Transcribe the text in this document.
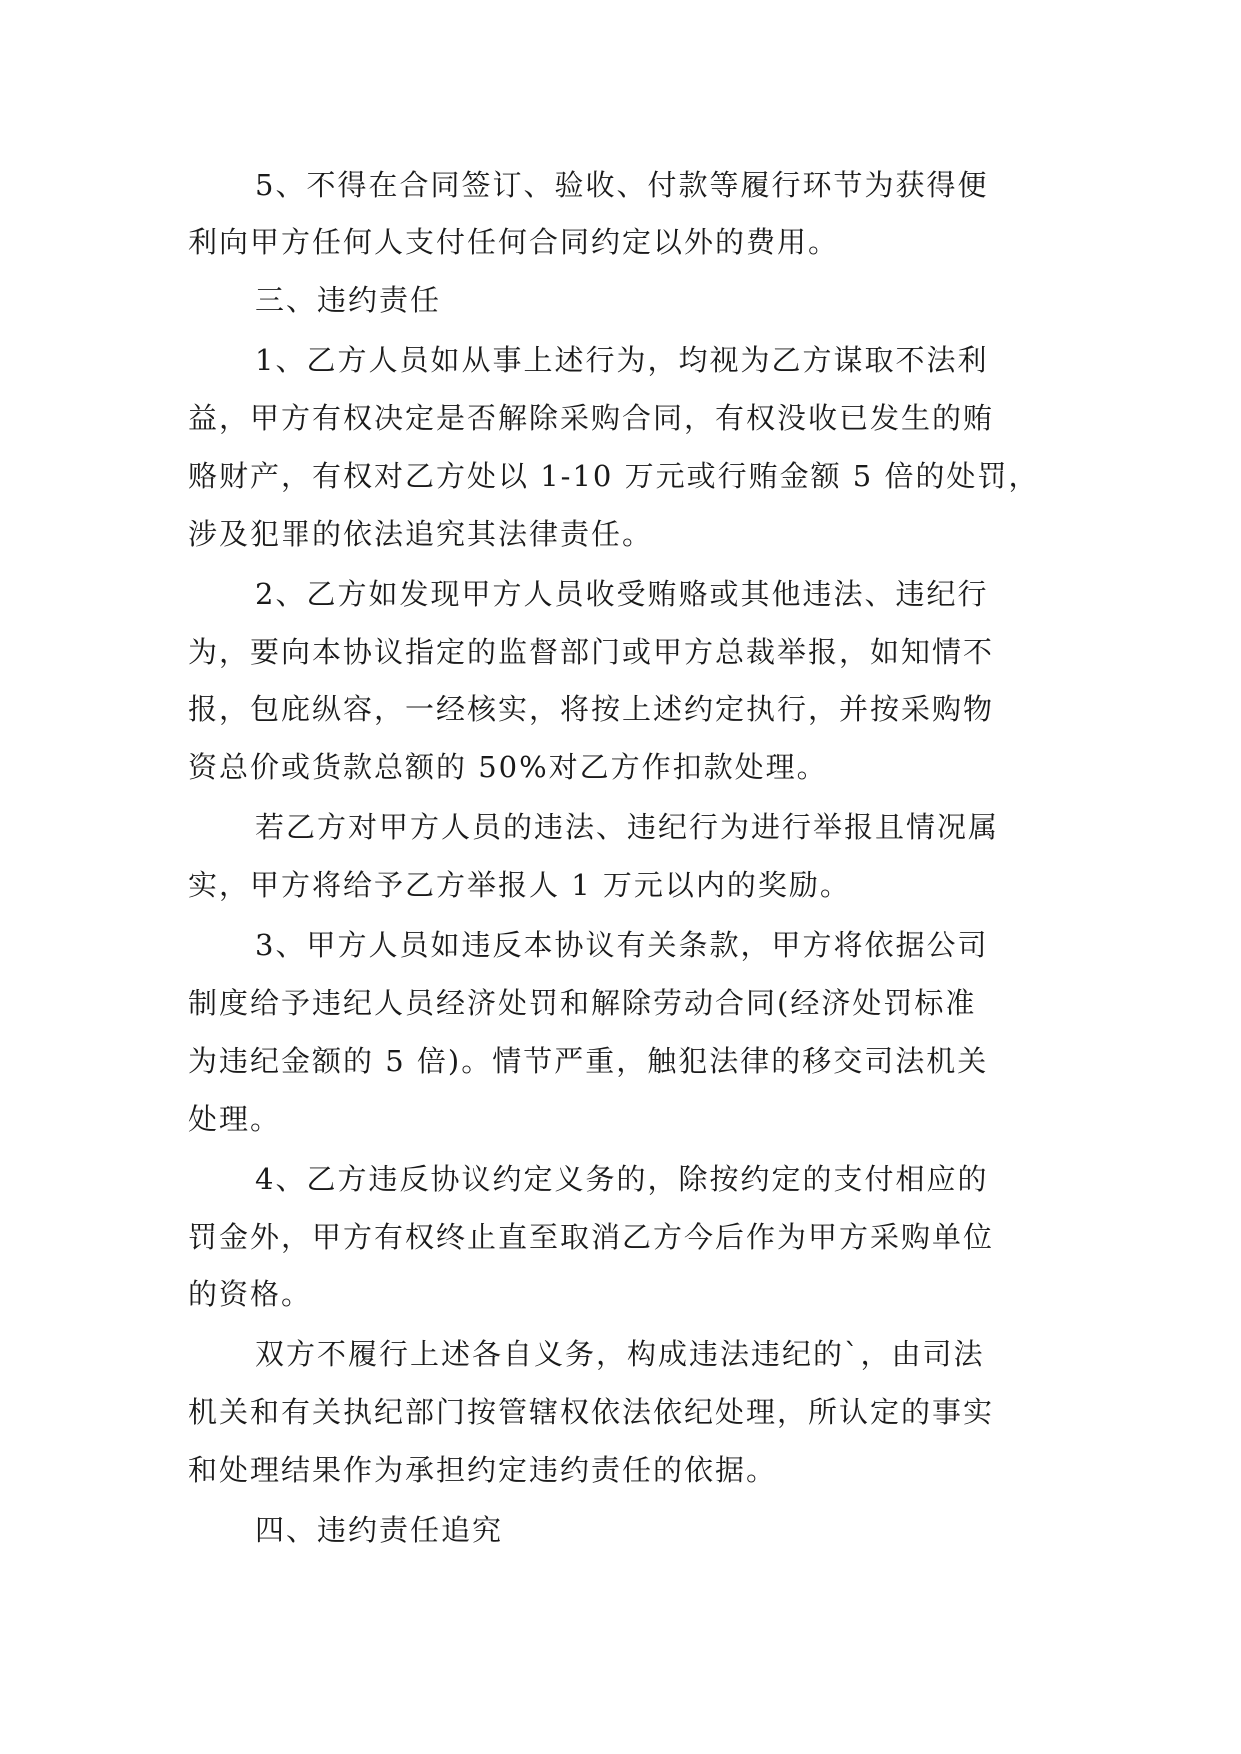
5、不得在合同签订、验收、付款等履行环节为获得便
利向甲方任何人支付任何合同约定以外的费用。
三、违约责任
1、乙方人员如从事上述行为，均视为乙方谋取不法利
益，甲方有权决定是否解除采购合同，有权没收已发生的贿
赂财产，有权对乙方处以 1-10 万元或行贿金额 5 倍的处罚，
涉及犯罪的依法追究其法律责任。
2、乙方如发现甲方人员收受贿赂或其他违法、违纪行
为，要向本协议指定的监督部门或甲方总裁举报，如知情不
报，包庇纵容，一经核实，将按上述约定执行，并按采购物
资总价或货款总额的 50%对乙方作扣款处理。
若乙方对甲方人员的违法、违纪行为进行举报且情况属
实，甲方将给予乙方举报人 1 万元以内的奖励。
3、甲方人员如违反本协议有关条款，甲方将依据公司
制度给予违纪人员经济处罚和解除劳动合同(经济处罚标准
为违纪金额的 5 倍)。情节严重，触犯法律的移交司法机关
处理。
4、乙方违反协议约定义务的，除按约定的支付相应的
罚金外，甲方有权终止直至取消乙方今后作为甲方采购单位
的资格。
双方不履行上述各自义务，构成违法违纪的`，由司法
机关和有关执纪部门按管辖权依法依纪处理，所认定的事实
和处理结果作为承担约定违约责任的依据。
四、违约责任追究
